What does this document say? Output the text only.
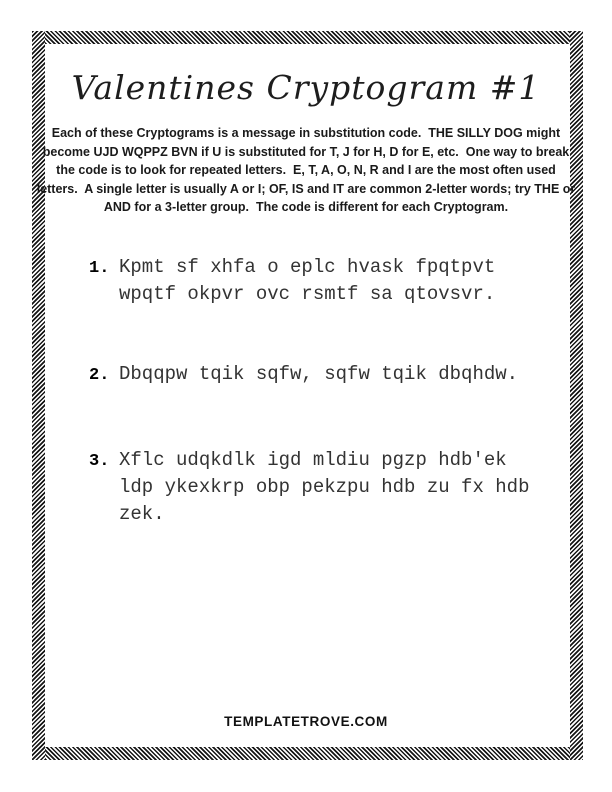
Valentines Cryptogram #1
Each of these Cryptograms is a message in substitution code.  THE SILLY DOG might
become UJD WQPPZ BVN if U is substituted for T, J for H, D for E, etc.  One way to break
the code is to look for repeated letters.  E, T, A, O, N, R and I are the most often used
letters.  A single letter is usually A or I; OF, IS and IT are common 2-letter words; try THE or
AND for a 3-letter group.  The code is different for each Cryptogram.
1. Kpmt sf xhfa o eplc hvask fpqtpvt
wpqtf okpvr ovc rsmtf sa qtovsvr.
2. Dbqqpw tqik sqfw, sqfw tqik dbqhdw.
3. Xflc udqkdlk igd mldiu pgzp hdb'ek
ldp ykexkrp obp pekzpu hdb zu fx hdb
zek.
TEMPLATETROVE.COM
